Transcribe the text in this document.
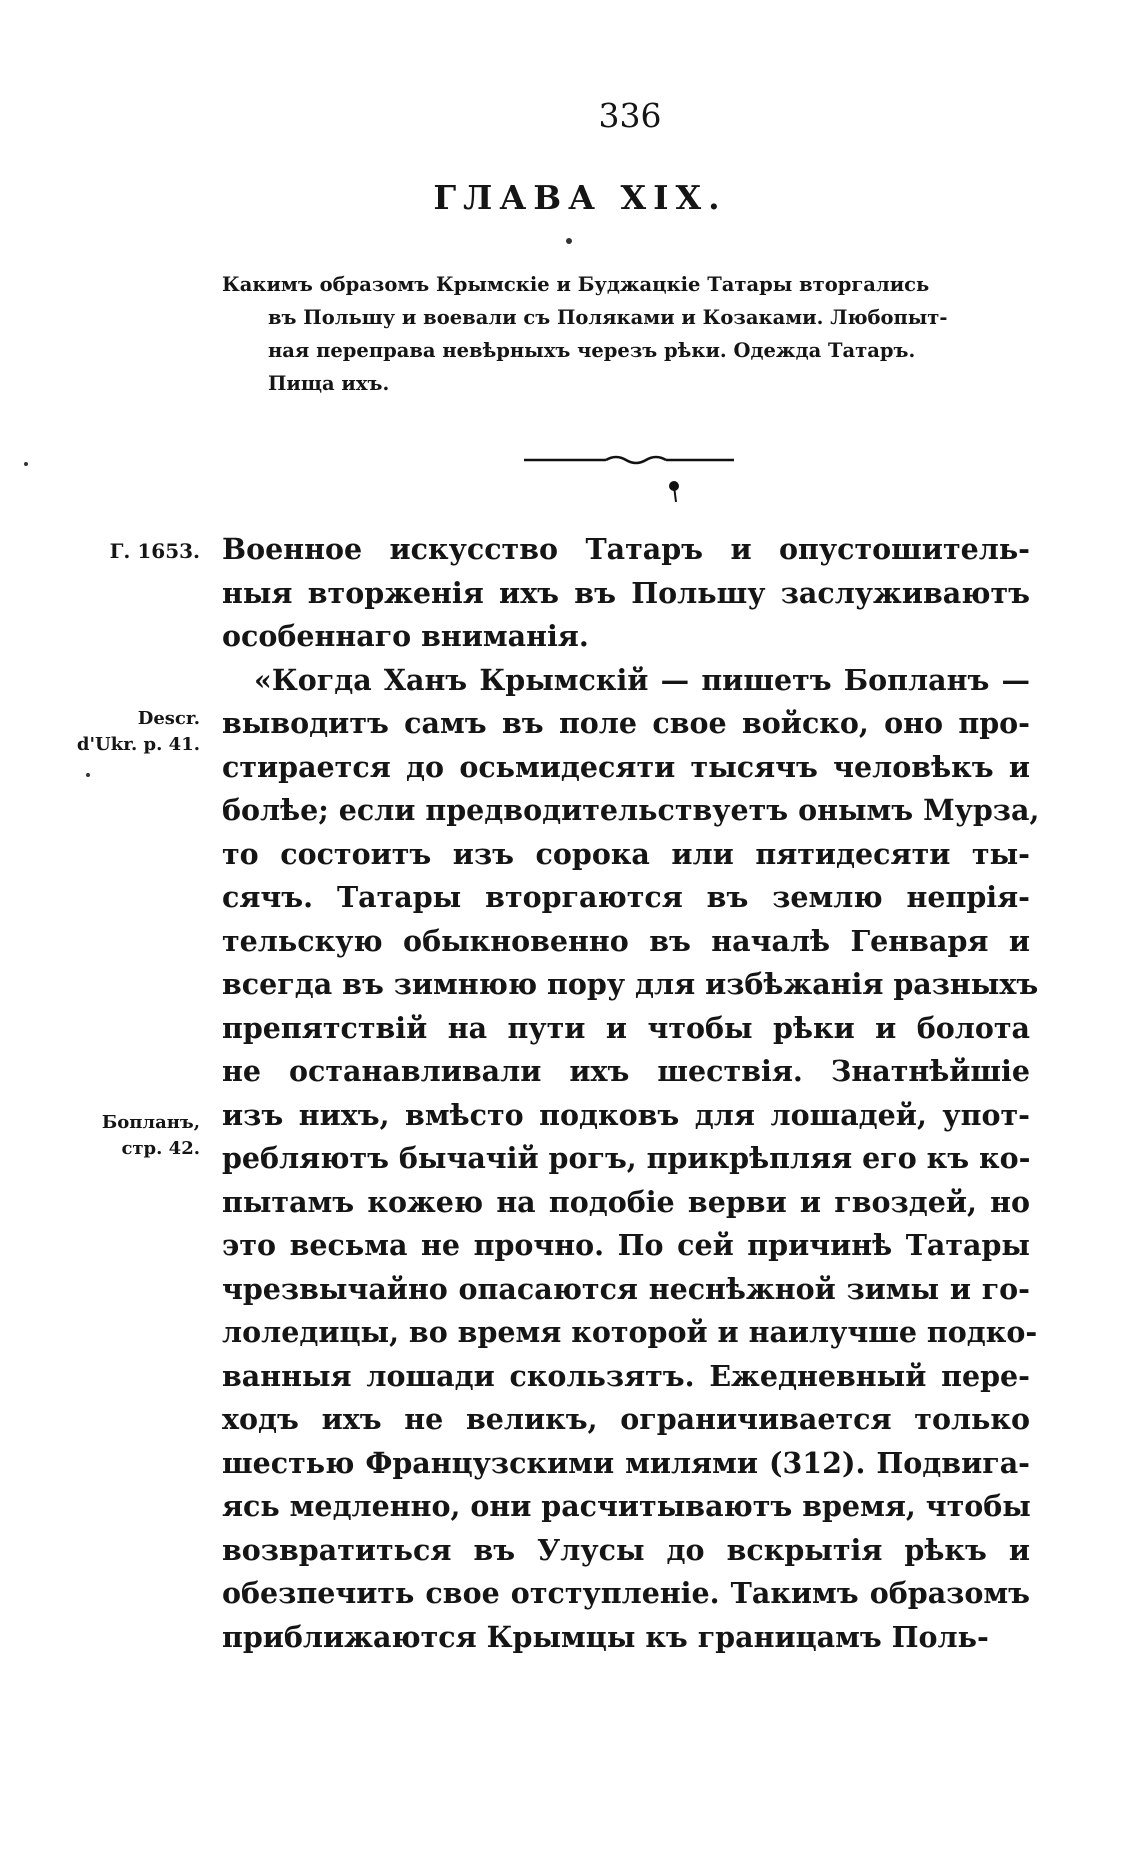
336
ГЛАВА XIX.
Какимъ образомъ Крымскіе и Буджацкіе Татары вторгались
въ Польшу и воевали съ Поляками и Козаками. Любопыт-
ная переправа невѣрныхъ черезъ рѣки. Одежда Татаръ.
Пища ихъ.
Г. 1653.
Descr.
d'Ukr. p. 41.
Бопланъ,
стр. 42.
Военное искусство Татаръ и опустошитель-
ныя вторженія ихъ въ Польшу заслуживаютъ
особеннаго вниманія.
«Когда Ханъ Крымскій — пишетъ Бопланъ —
выводитъ самъ въ поле свое войско, оно про-
стирается до осьмидесяти тысячъ человѣкъ и
болѣе; если предводительствуетъ онымъ Мурза,
то состоитъ изъ сорока или пятидесяти ты-
сячъ. Татары вторгаются въ землю непрія-
тельскую обыкновенно въ началѣ Генваря и
всегда въ зимнюю пору для избѣжанія разныхъ
препятствій на пути и чтобы рѣки и болота
не останавливали ихъ шествія. Знатнѣйшіе
изъ нихъ, вмѣсто подковъ для лошадей, упот-
ребляютъ бычачій рогъ, прикрѣпляя его къ ко-
пытамъ кожею на подобіе верви и гвоздей, но
это весьма не прочно. По сей причинѣ Татары
чрезвычайно опасаются неснѣжной зимы и го-
лоледицы, во время которой и наилучше подко-
ванныя лошади скользятъ. Ежедневный пере-
ходъ ихъ не великъ, ограничивается только
шестью Французскими милями (312). Подвига-
ясь медленно, они расчитываютъ время, чтобы
возвратиться въ Улусы до вскрытія рѣкъ и
обезпечить свое отступленіе. Такимъ образомъ
приближаются Крымцы къ границамъ Поль-
